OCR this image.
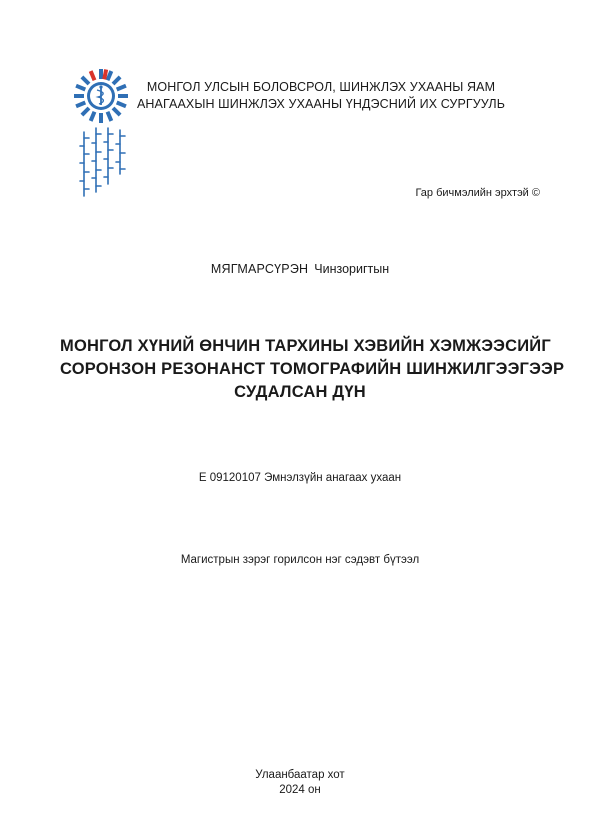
МОНГОЛ УЛСЫН БОЛОВСРОЛ, ШИНЖЛЭХ УХААНЫ ЯАМ
АНАГААХЫН ШИНЖЛЭХ УХААНЫ ҮНДЭСНИЙ ИХ СУРГУУЛЬ
Гар бичмэлийн эрхтэй ©
МЯГМАРСҮРЭН Чинзоригтын
МОНГОЛ ХҮНИЙ ӨНЧИН ТАРХИНЫ ХЭВИЙН ХЭМЖЭЭСИЙГ
СОРОНЗОН РЕЗОНАНСТ ТОМОГРАФИЙН ШИНЖИЛГЭЭГЭЭР
СУДАЛСАН ДҮН
Е 09120107 Эмнэлзүйн анагаах ухаан
Магистрын зэрэг горилсон нэг сэдэвт бүтээл
Улаанбаатар хот
2024 он
